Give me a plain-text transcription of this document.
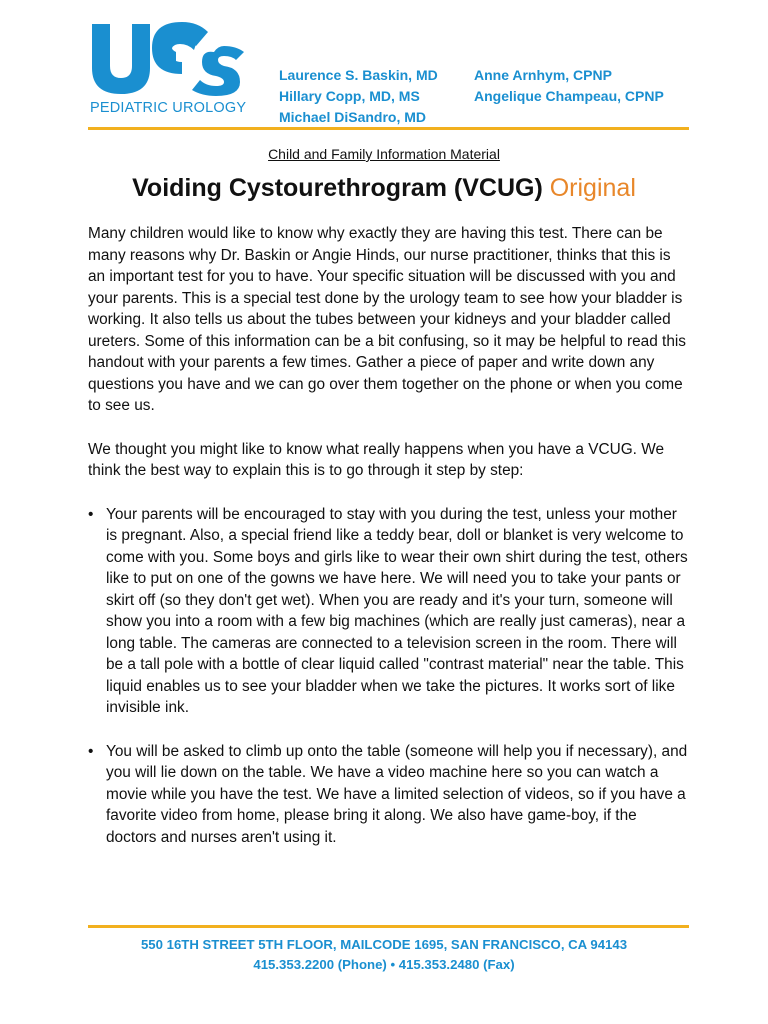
PEDIATRIC UROLOGY
Laurence S. Baskin, MD
Hillary Copp, MD, MS
Michael DiSandro, MD
Anne Arnhym, CPNP
Angelique Champeau, CPNP
Child and Family Information Material
Voiding Cystourethrogram (VCUG) Original

Many children would like to know why exactly they are having this test. There can be many reasons why Dr. Baskin or Angie Hinds, our nurse practitioner, thinks that this is an important test for you to have. Your specific situation will be discussed with you and your parents. This is a special test done by the urology team to see how your bladder is working. It also tells us about the tubes between your kidneys and your bladder called ureters. Some of this information can be a bit confusing, so it may be helpful to read this handout with your parents a few times. Gather a piece of paper and write down any questions you have and we can go over them together on the phone or when you come to see us.

We thought you might like to know what really happens when you have a VCUG. We think the best way to explain this is to go through it step by step:

• Your parents will be encouraged to stay with you during the test, unless your mother is pregnant. Also, a special friend like a teddy bear, doll or blanket is very welcome to come with you. Some boys and girls like to wear their own shirt during the test, others like to put on one of the gowns we have here. We will need you to take your pants or skirt off (so they don't get wet). When you are ready and it's your turn, someone will show you into a room with a few big machines (which are really just cameras), near a long table. The cameras are connected to a television screen in the room. There will be a tall pole with a bottle of clear liquid called "contrast material" near the table. This liquid enables us to see your bladder when we take the pictures. It works sort of like invisible ink.
• You will be asked to climb up onto the table (someone will help you if necessary), and you will lie down on the table. We have a video machine here so you can watch a movie while you have the test. We have a limited selection of videos, so if you have a favorite video from home, please bring it along. We also have game-boy, if the doctors and nurses aren't using it.
550 16TH STREET 5TH FLOOR, MAILCODE 1695, SAN FRANCISCO, CA 94143
415.353.2200 (Phone) • 415.353.2480 (Fax)
